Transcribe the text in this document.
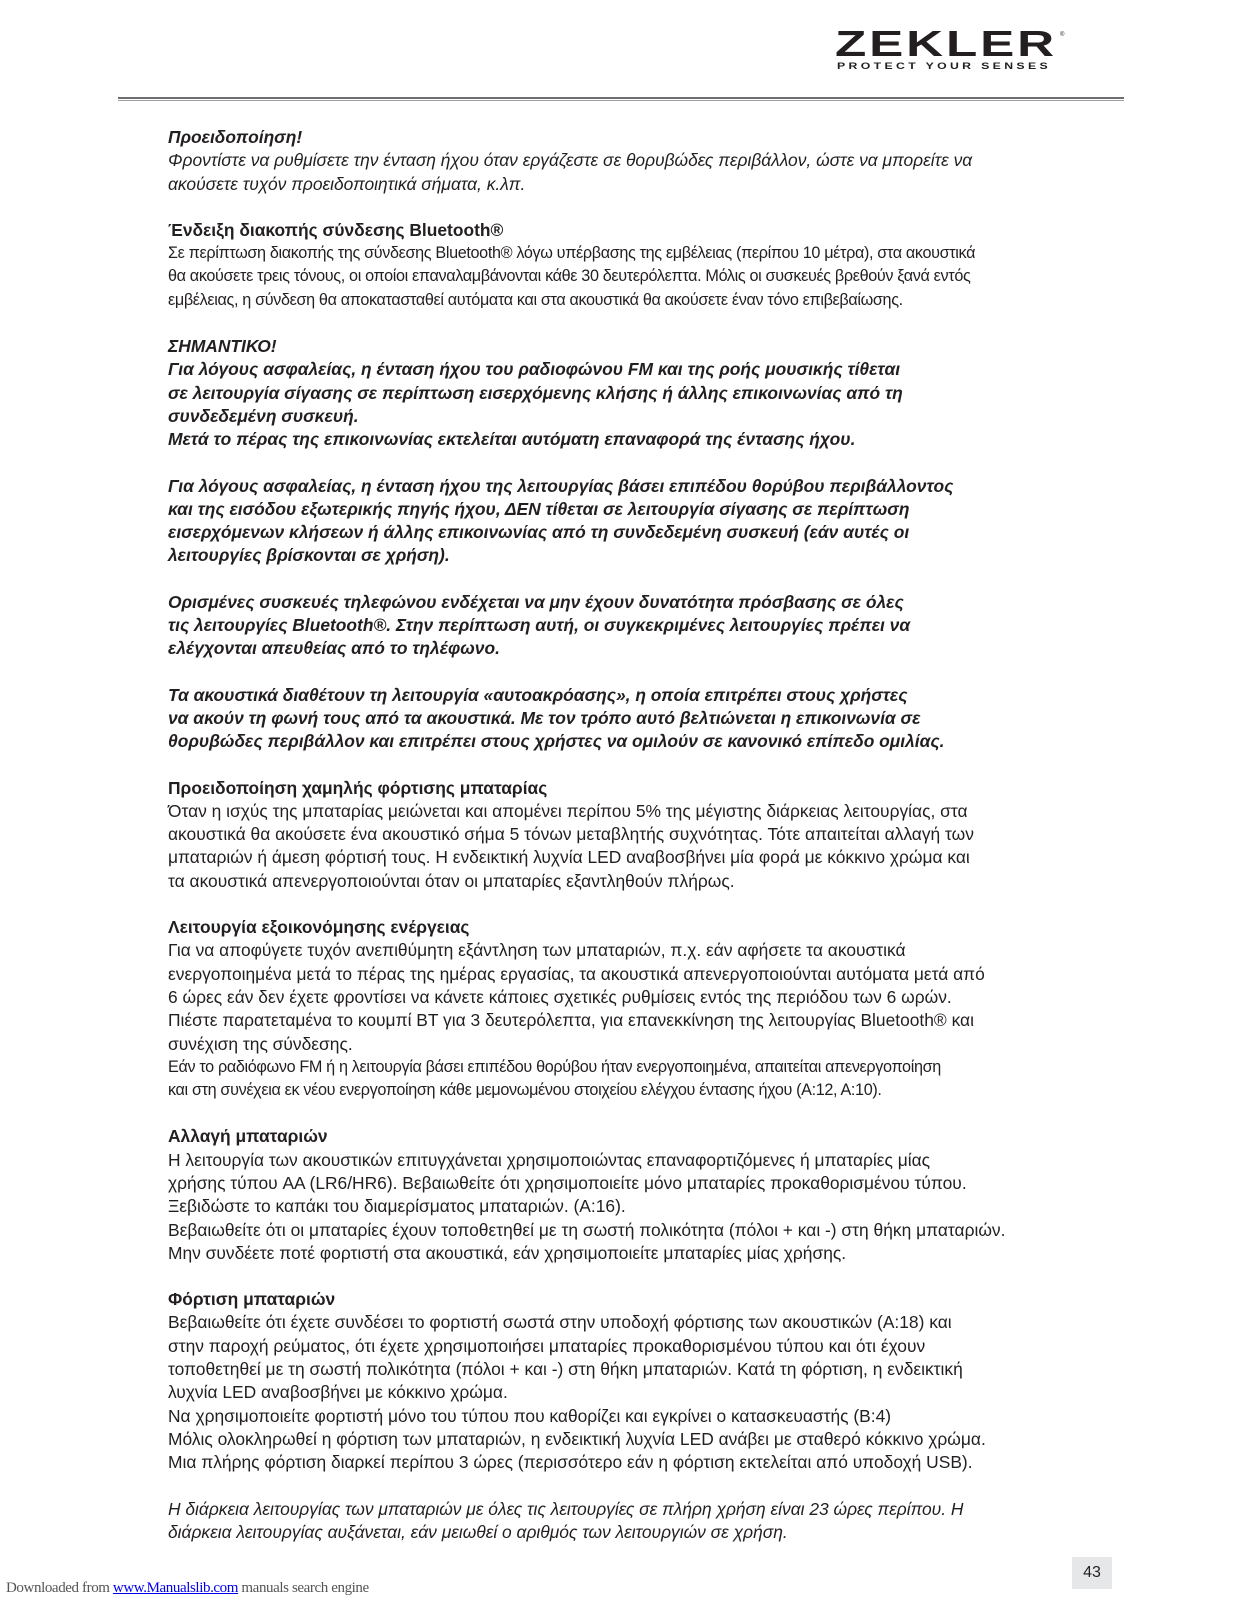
ZEKLER ®
PROTECT YOUR SENSES
Προειδοποίηση!
Φροντίστε να ρυθμίσετε την ένταση ήχου όταν εργάζεστε σε θορυβώδες περιβάλλον, ώστε να μπορείτε να
ακούσετε τυχόν προειδοποιητικά σήματα, κ.λπ.
Ένδειξη διακοπής σύνδεσης Bluetooth®
Σε περίπτωση διακοπής της σύνδεσης Bluetooth® λόγω υπέρβασης της εμβέλειας (περίπου 10 μέτρα), στα ακουστικά
θα ακούσετε τρεις τόνους, οι οποίοι επαναλαμβάνονται κάθε 30 δευτερόλεπτα. Μόλις οι συσκευές βρεθούν ξανά εντός
εμβέλειας, η σύνδεση θα αποκατασταθεί αυτόματα και στα ακουστικά θα ακούσετε έναν τόνο επιβεβαίωσης.
ΣΗΜΑΝΤΙΚΟ!
Για λόγους ασφαλείας, η ένταση ήχου του ραδιοφώνου FM και της ροής μουσικής τίθεται
σε λειτουργία σίγασης σε περίπτωση εισερχόμενης κλήσης ή άλλης επικοινωνίας από τη
συνδεδεμένη συσκευή.
Μετά το πέρας της επικοινωνίας εκτελείται αυτόματη επαναφορά της έντασης ήχου.
Για λόγους ασφαλείας, η ένταση ήχου της λειτουργίας βάσει επιπέδου θορύβου περιβάλλοντος
και της εισόδου εξωτερικής πηγής ήχου, ΔΕΝ τίθεται σε λειτουργία σίγασης σε περίπτωση
εισερχόμενων κλήσεων ή άλλης επικοινωνίας από τη συνδεδεμένη συσκευή (εάν αυτές οι
λειτουργίες βρίσκονται σε χρήση).
Ορισμένες συσκευές τηλεφώνου ενδέχεται να μην έχουν δυνατότητα πρόσβασης σε όλες
τις λειτουργίες Bluetooth®. Στην περίπτωση αυτή, οι συγκεκριμένες λειτουργίες πρέπει να
ελέγχονται απευθείας από το τηλέφωνο.
Τα ακουστικά διαθέτουν τη λειτουργία «αυτοακρόασης», η οποία επιτρέπει στους χρήστες
να ακούν τη φωνή τους από τα ακουστικά. Με τον τρόπο αυτό βελτιώνεται η επικοινωνία σε
θορυβώδες περιβάλλον και επιτρέπει στους χρήστες να ομιλούν σε κανονικό επίπεδο ομιλίας.
Προειδοποίηση χαμηλής φόρτισης μπαταρίας
Όταν η ισχύς της μπαταρίας μειώνεται και απομένει περίπου 5% της μέγιστης διάρκειας λειτουργίας, στα
ακουστικά θα ακούσετε ένα ακουστικό σήμα 5 τόνων μεταβλητής συχνότητας. Τότε απαιτείται αλλαγή των
μπαταριών ή άμεση φόρτισή τους. Η ενδεικτική λυχνία LED αναβοσβήνει μία φορά με κόκκινο χρώμα και
τα ακουστικά απενεργοποιούνται όταν οι μπαταρίες εξαντληθούν πλήρως.
Λειτουργία εξοικονόμησης ενέργειας
Για να αποφύγετε τυχόν ανεπιθύμητη εξάντληση των μπαταριών, π.χ. εάν αφήσετε τα ακουστικά
ενεργοποιημένα μετά το πέρας της ημέρας εργασίας, τα ακουστικά απενεργοποιούνται αυτόματα μετά από
6 ώρες εάν δεν έχετε φροντίσει να κάνετε κάποιες σχετικές ρυθμίσεις εντός της περιόδου των 6 ωρών.
Πιέστε παρατεταμένα το κουμπί BT για 3 δευτερόλεπτα, για επανεκκίνηση της λειτουργίας Bluetooth® και
συνέχιση της σύνδεσης.
Εάν το ραδιόφωνο FM ή η λειτουργία βάσει επιπέδου θορύβου ήταν ενεργοποιημένα, απαιτείται απενεργοποίηση
και στη συνέχεια εκ νέου ενεργοποίηση κάθε μεμονωμένου στοιχείου ελέγχου έντασης ήχου (A:12, A:10).
Αλλαγή μπαταριών
Η λειτουργία των ακουστικών επιτυγχάνεται χρησιμοποιώντας επαναφορτιζόμενες ή μπαταρίες μίας
χρήσης τύπου AA (LR6/HR6). Βεβαιωθείτε ότι χρησιμοποιείτε μόνο μπαταρίες προκαθορισμένου τύπου.
Ξεβιδώστε το καπάκι του διαμερίσματος μπαταριών. (A:16).
Βεβαιωθείτε ότι οι μπαταρίες έχουν τοποθετηθεί με τη σωστή πολικότητα (πόλοι + και -) στη θήκη μπαταριών.
Μην συνδέετε ποτέ φορτιστή στα ακουστικά, εάν χρησιμοποιείτε μπαταρίες μίας χρήσης.
Φόρτιση μπαταριών
Βεβαιωθείτε ότι έχετε συνδέσει το φορτιστή σωστά στην υποδοχή φόρτισης των ακουστικών (A:18) και
στην παροχή ρεύματος, ότι έχετε χρησιμοποιήσει μπαταρίες προκαθορισμένου τύπου και ότι έχουν
τοποθετηθεί με τη σωστή πολικότητα (πόλοι + και -) στη θήκη μπαταριών. Κατά τη φόρτιση, η ενδεικτική
λυχνία LED αναβοσβήνει με κόκκινο χρώμα.
Να χρησιμοποιείτε φορτιστή μόνο του τύπου που καθορίζει και εγκρίνει ο κατασκευαστής (B:4)
Μόλις ολοκληρωθεί η φόρτιση των μπαταριών, η ενδεικτική λυχνία LED ανάβει με σταθερό κόκκινο χρώμα.
Μια πλήρης φόρτιση διαρκεί περίπου 3 ώρες (περισσότερο εάν η φόρτιση εκτελείται από υποδοχή USB).
Η διάρκεια λειτουργίας των μπαταριών με όλες τις λειτουργίες σε πλήρη χρήση είναι 23 ώρες περίπου. Η
διάρκεια λειτουργίας αυξάνεται, εάν μειωθεί ο αριθμός των λειτουργιών σε χρήση.
Downloaded from www.Manualslib.com manuals search engine
43
